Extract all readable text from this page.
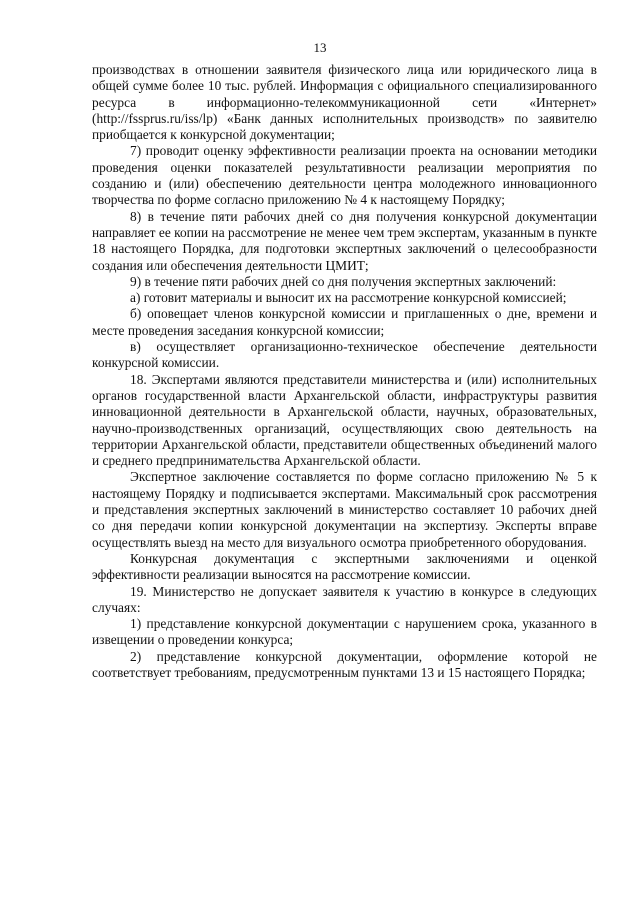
13

производствах в отношении заявителя физического лица или юридического лица в общей сумме более 10 тыс. рублей. Информация с официального специализированного ресурса в информационно-телекоммуникационной сети «Интернет» (http://fssprus.ru/iss/lp) «Банк данных исполнительных производств» по заявителю приобщается к конкурсной документации;

7) проводит оценку эффективности реализации проекта на основании методики проведения оценки показателей результативности реализации мероприятия по созданию и (или) обеспечению деятельности центра молодежного инновационного творчества по форме согласно приложению № 4 к настоящему Порядку;

8) в течение пяти рабочих дней со дня получения конкурсной документации направляет ее копии на рассмотрение не менее чем трем экспертам, указанным в пункте 18 настоящего Порядка, для подготовки экспертных заключений о целесообразности создания или обеспечения деятельности ЦМИТ;

9) в течение пяти рабочих дней со дня получения экспертных заключений:

а) готовит материалы и выносит их на рассмотрение конкурсной комиссией;

б) оповещает членов конкурсной комиссии и приглашенных о дне, времени и месте проведения заседания конкурсной комиссии;

в) осуществляет организационно-техническое обеспечение деятельности конкурсной комиссии.

18. Экспертами являются представители министерства и (или) исполнительных органов государственной власти Архангельской области, инфраструктуры развития инновационной деятельности в Архангельской области, научных, образовательных, научно-производственных организаций, осуществляющих свою деятельность на территории Архангельской области, представители общественных объединений малого и среднего предпринимательства Архангельской области.

Экспертное заключение составляется по форме согласно приложению № 5 к настоящему Порядку и подписывается экспертами. Максимальный срок рассмотрения и представления экспертных заключений в министерство составляет 10 рабочих дней со дня передачи копии конкурсной документации на экспертизу. Эксперты вправе осуществлять выезд на место для визуального осмотра приобретенного оборудования.

Конкурсная документация с экспертными заключениями и оценкой эффективности реализации выносятся на рассмотрение комиссии.

19. Министерство не допускает заявителя к участию в конкурсе в следующих случаях:

1) представление конкурсной документации с нарушением срока, указанного в извещении о проведении конкурса;

2) представление конкурсной документации, оформление которой не соответствует требованиям, предусмотренным пунктами 13 и 15 настоящего Порядка;
